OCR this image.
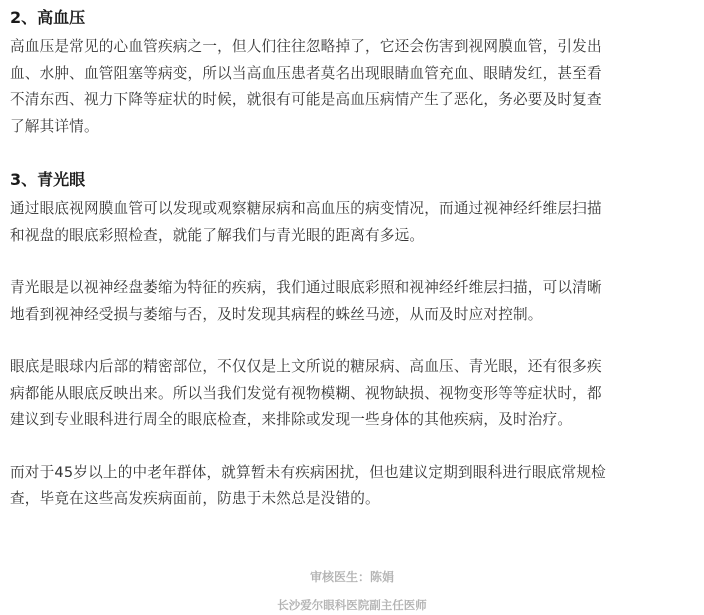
2、高血压
高血压是常见的心血管疾病之一，但人们往往忽略掉了，它还会伤害到视网膜血管，引发出
血、水肿、血管阻塞等病变，所以当高血压患者莫名出现眼睛血管充血、眼睛发红，甚至看
不清东西、视力下降等症状的时候，就很有可能是高血压病情产生了恶化，务必要及时复查
了解其详情。
3、青光眼
通过眼底视网膜血管可以发现或观察糖尿病和高血压的病变情况，而通过视神经纤维层扫描
和视盘的眼底彩照检查，就能了解我们与青光眼的距离有多远。
青光眼是以视神经盘萎缩为特征的疾病，我们通过眼底彩照和视神经纤维层扫描，可以清晰
地看到视神经受损与萎缩与否，及时发现其病程的蛛丝马迹，从而及时应对控制。
眼底是眼球内后部的精密部位，不仅仅是上文所说的糖尿病、高血压、青光眼，还有很多疾
病都能从眼底反映出来。所以当我们发觉有视物模糊、视物缺损、视物变形等等症状时，都
建议到专业眼科进行周全的眼底检查，来排除或发现一些身体的其他疾病，及时治疗。
而对于45岁以上的中老年群体，就算暂未有疾病困扰，但也建议定期到眼科进行眼底常规检
查，毕竟在这些高发疾病面前，防患于未然总是没错的。
审核医生：陈娟
长沙爱尔眼科医院副主任医师
